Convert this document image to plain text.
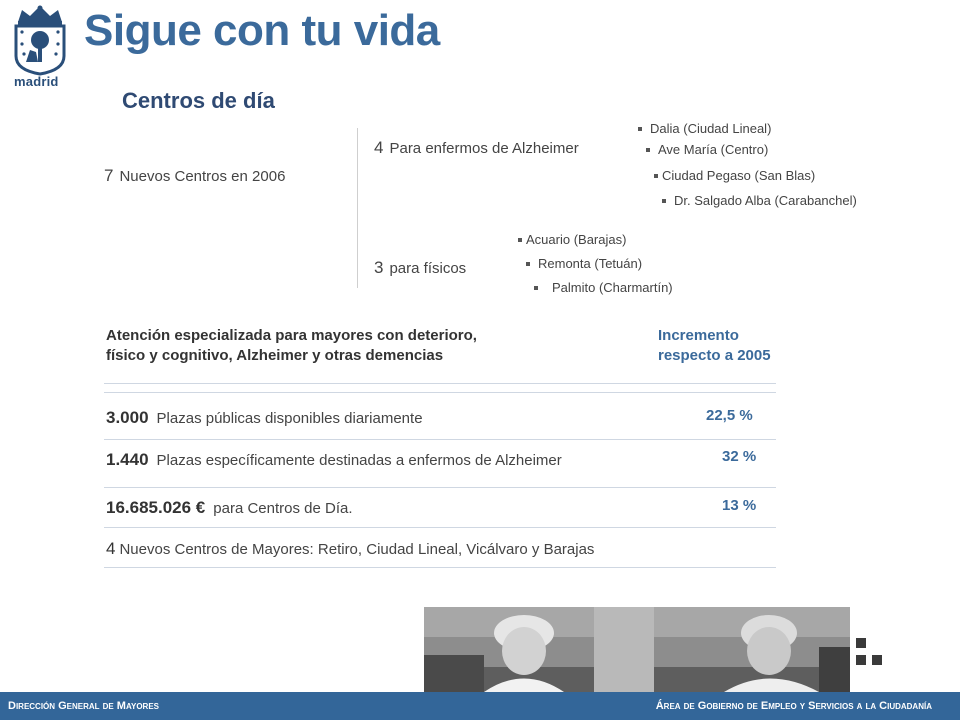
madrid
Sigue con tu vida
Centros de día
7 Nuevos Centros en 2006
4 Para enfermos de Alzheimer
Dalia (Ciudad Lineal)
Ave María (Centro)
Ciudad Pegaso (San Blas)
Dr. Salgado Alba (Carabanchel)
3 para físicos
Acuario (Barajas)
Remonta (Tetuán)
Palmito (Charmartín)
Atención especializada para mayores con deterioro,
físico y cognitivo, Alzheimer y otras demencias
Incremento
respecto a 2005
3.000 Plazas públicas disponibles diariamente	22,5 %
1.440 Plazas específicamente destinadas a enfermos de Alzheimer	32 %
16.685.026 € para Centros de Día.	13 %
4 Nuevos Centros de Mayores: Retiro, Ciudad Lineal, Vicálvaro y Barajas
Dirección General de Mayores	Área de Gobierno de Empleo y Servicios a la Ciudadanía
